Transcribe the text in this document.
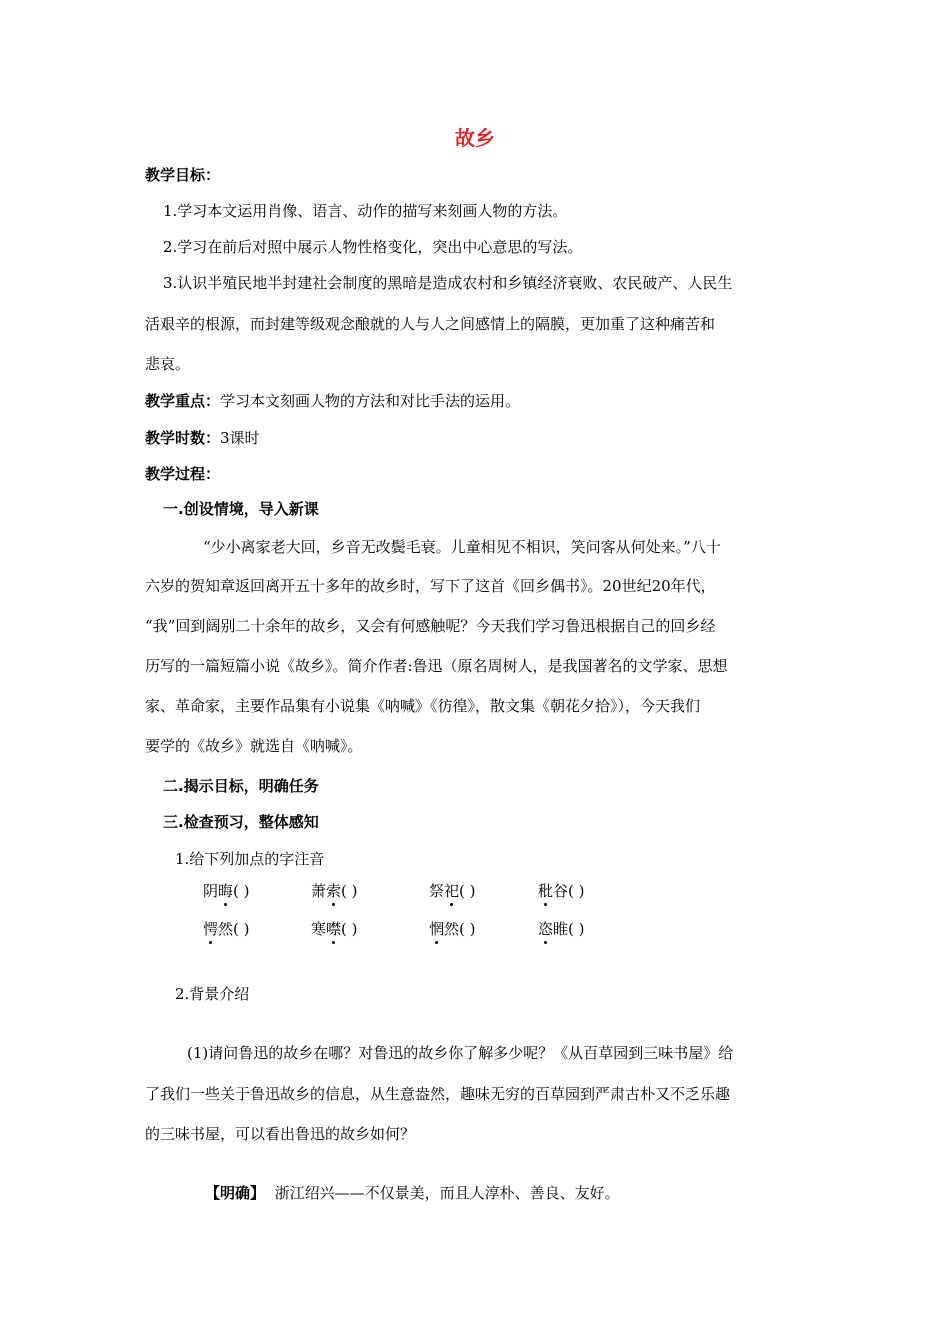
故乡
教学目标：
1.学习本文运用肖像、语言、动作的描写来刻画人物的方法。
2.学习在前后对照中展示人物性格变化，突出中心意思的写法。
3.认识半殖民地半封建社会制度的黑暗是造成农村和乡镇经济衰败、农民破产、人民生
活艰辛的根源，而封建等级观念酿就的人与人之间感情上的隔膜，更加重了这种痛苦和
悲哀。
教学重点：学习本文刻画人物的方法和对比手法的运用。
教学时数：3课时
教学过程：
一.创设情境，导入新课
“少小离家老大回，乡音无改鬓毛衰。儿童相见不相识，笑问客从何处来。”八十
六岁的贺知章返回离开五十多年的故乡时，写下了这首《回乡偶书》。20世纪20年代，
“我”回到阔别二十余年的故乡，又会有何感触呢？今天我们学习鲁迅根据自己的回乡经
历写的一篇短篇小说《故乡》。简介作者:鲁迅（原名周树人，是我国著名的文学家、思想
家、革命家，主要作品集有小说集《呐喊》《彷徨》，散文集《朝花夕拾》），今天我们
要学的《故乡》就选自《呐喊》。
二.揭示目标，明确任务
三.检查预习，整体感知
1.给下列加点的字注音
阴晦( )	萧索( )	祭祀( )	秕谷( )
愕然( )	寒噤( )	惘然( )	恣睢( )
2.背景介绍
(1)请问鲁迅的故乡在哪？对鲁迅的故乡你了解多少呢？《从百草园到三味书屋》给
了我们一些关于鲁迅故乡的信息，从生意盎然，趣味无穷的百草园到严肃古朴又不乏乐趣
的三味书屋，可以看出鲁迅的故乡如何？
【明确】 浙江绍兴——不仅景美，而且人淳朴、善良、友好。
